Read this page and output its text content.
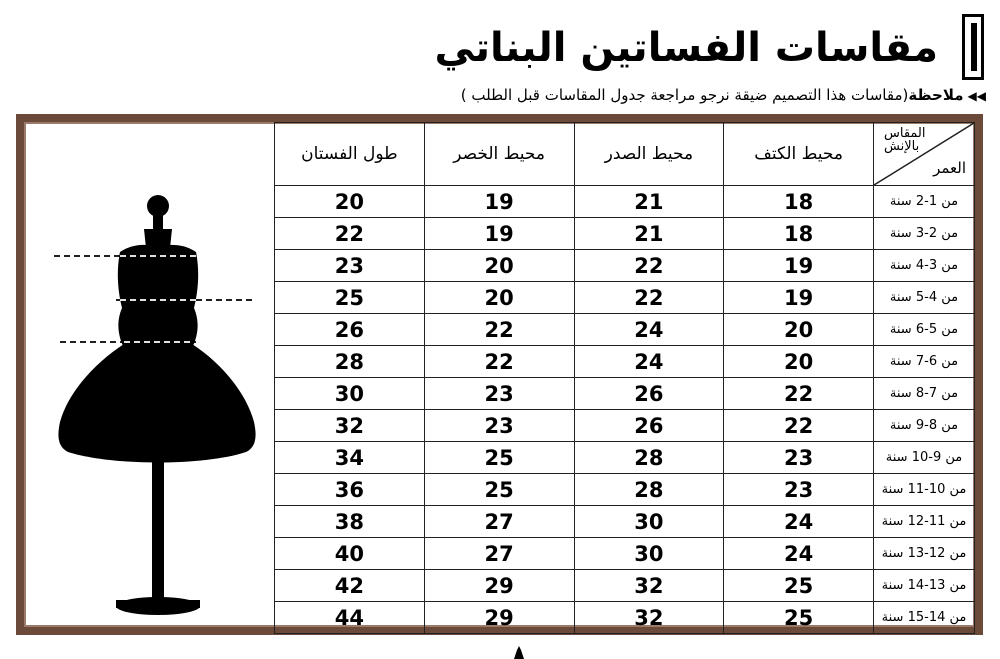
مقاسات الفساتين البناتي
◀◀ملاحظة(مقاسات هذا التصميم ضيقة نرجو مراجعة جدول المقاسات قبل الطلب )
المقاس
بالإنش
العمر	محيط الكتف	محيط الصدر	محيط الخصر	طول الفستان
من 1-2 سنة	18	21	19	20
من 2-3 سنة	18	21	19	22
من 3-4 سنة	19	22	20	23
من 4-5 سنة	19	22	20	25
من 5-6 سنة	20	24	22	26
من 6-7 سنة	20	24	22	28
من 7-8 سنة	22	26	23	30
من 8-9 سنة	22	26	23	32
من 9-10 سنة	23	28	25	34
من 10-11 سنة	23	28	25	36
من 11-12 سنة	24	30	27	38
من 12-13 سنة	24	30	27	40
من 13-14 سنة	25	32	29	42
من 14-15 سنة	25	32	29	44
